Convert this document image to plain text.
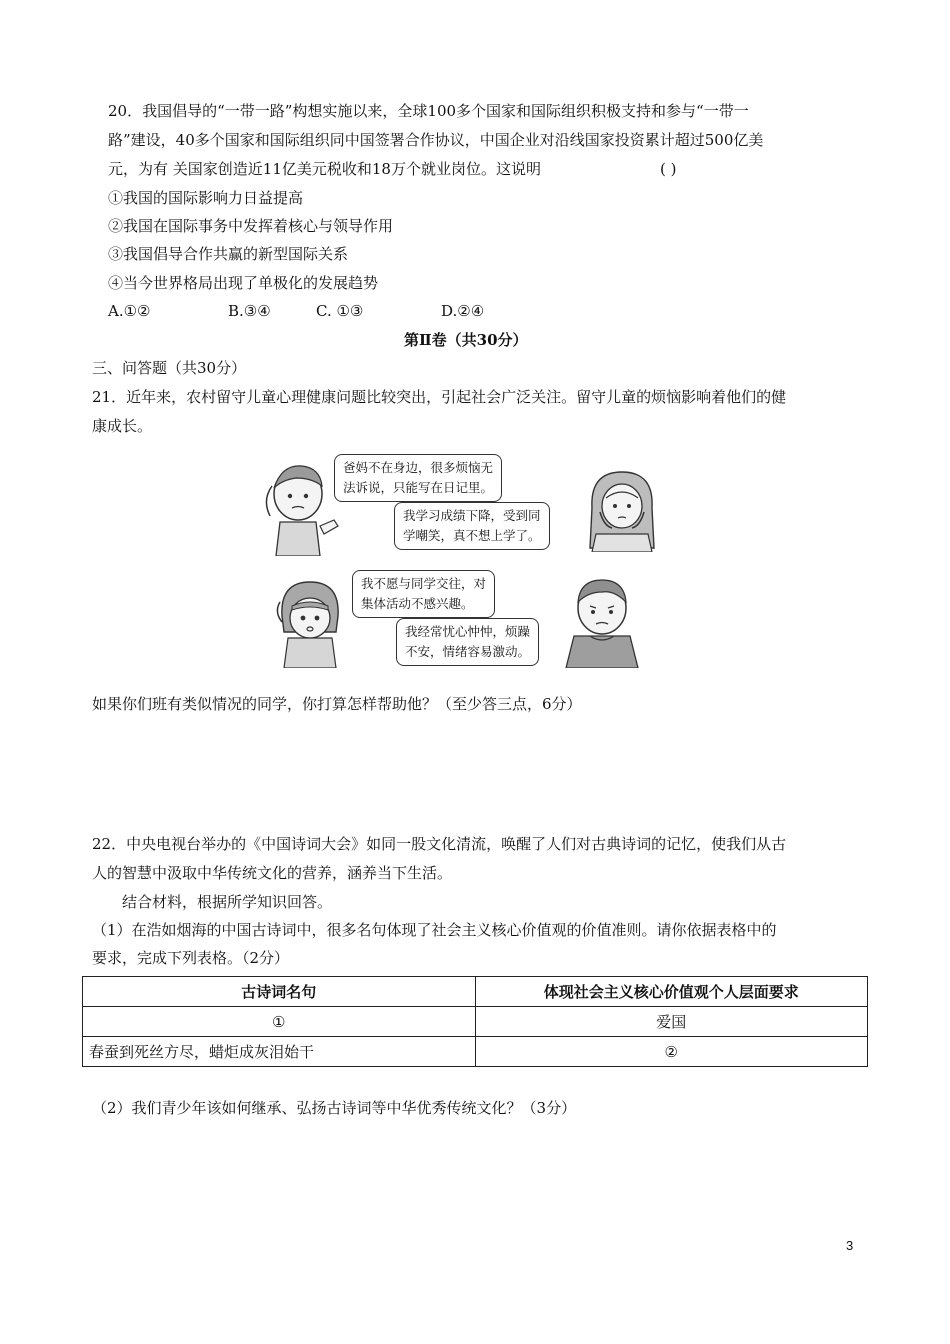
20．我国倡导的“一带一路”构想实施以来，全球100多个国家和国际组织积极支持和参与“一带一
路”建设，40多个国家和国际组织同中国签署合作协议，中国企业对沿线国家投资累计超过500亿美
元，为有 关国家创造近11亿美元税收和18万个就业岗位。这说明	( )
①我国的国际影响力日益提高
②我国在国际事务中发挥着核心与领导作用
③我国倡导合作共赢的新型国际关系
④当今世界格局出现了单极化的发展趋势
A.①②	B.③④	C. ①③	D.②④
第Ⅱ卷（共30分）
三、问答题（共30分）
21．近年来，农村留守儿童心理健康问题比较突出，引起社会广泛关注。留守儿童的烦恼影响着他们的健
康成长。
爸妈不在身边，很多烦恼无
法诉说，只能写在日记里。
我学习成绩下降，受到同
学嘲笑，真不想上学了。
我不愿与同学交往，对
集体活动不感兴趣。
我经常忧心忡忡，烦躁
不安，情绪容易激动。
如果你们班有类似情况的同学，你打算怎样帮助他？（至少答三点，6分）
22．中央电视台举办的《中国诗词大会》如同一股文化清流，唤醒了人们对古典诗词的记忆，使我们从古
人的智慧中汲取中华传统文化的营养，涵养当下生活。
结合材料，根据所学知识回答。
（1）在浩如烟海的中国古诗词中，很多名句体现了社会主义核心价值观的价值准则。请你依据表格中的
要求，完成下列表格。（2分）
古诗词名句	体现社会主义核心价值观个人层面要求
①	爱国
春蚕到死丝方尽，蜡炬成灰泪始干	②
（2）我们青少年该如何继承、弘扬古诗词等中华优秀传统文化？（3分）
3
